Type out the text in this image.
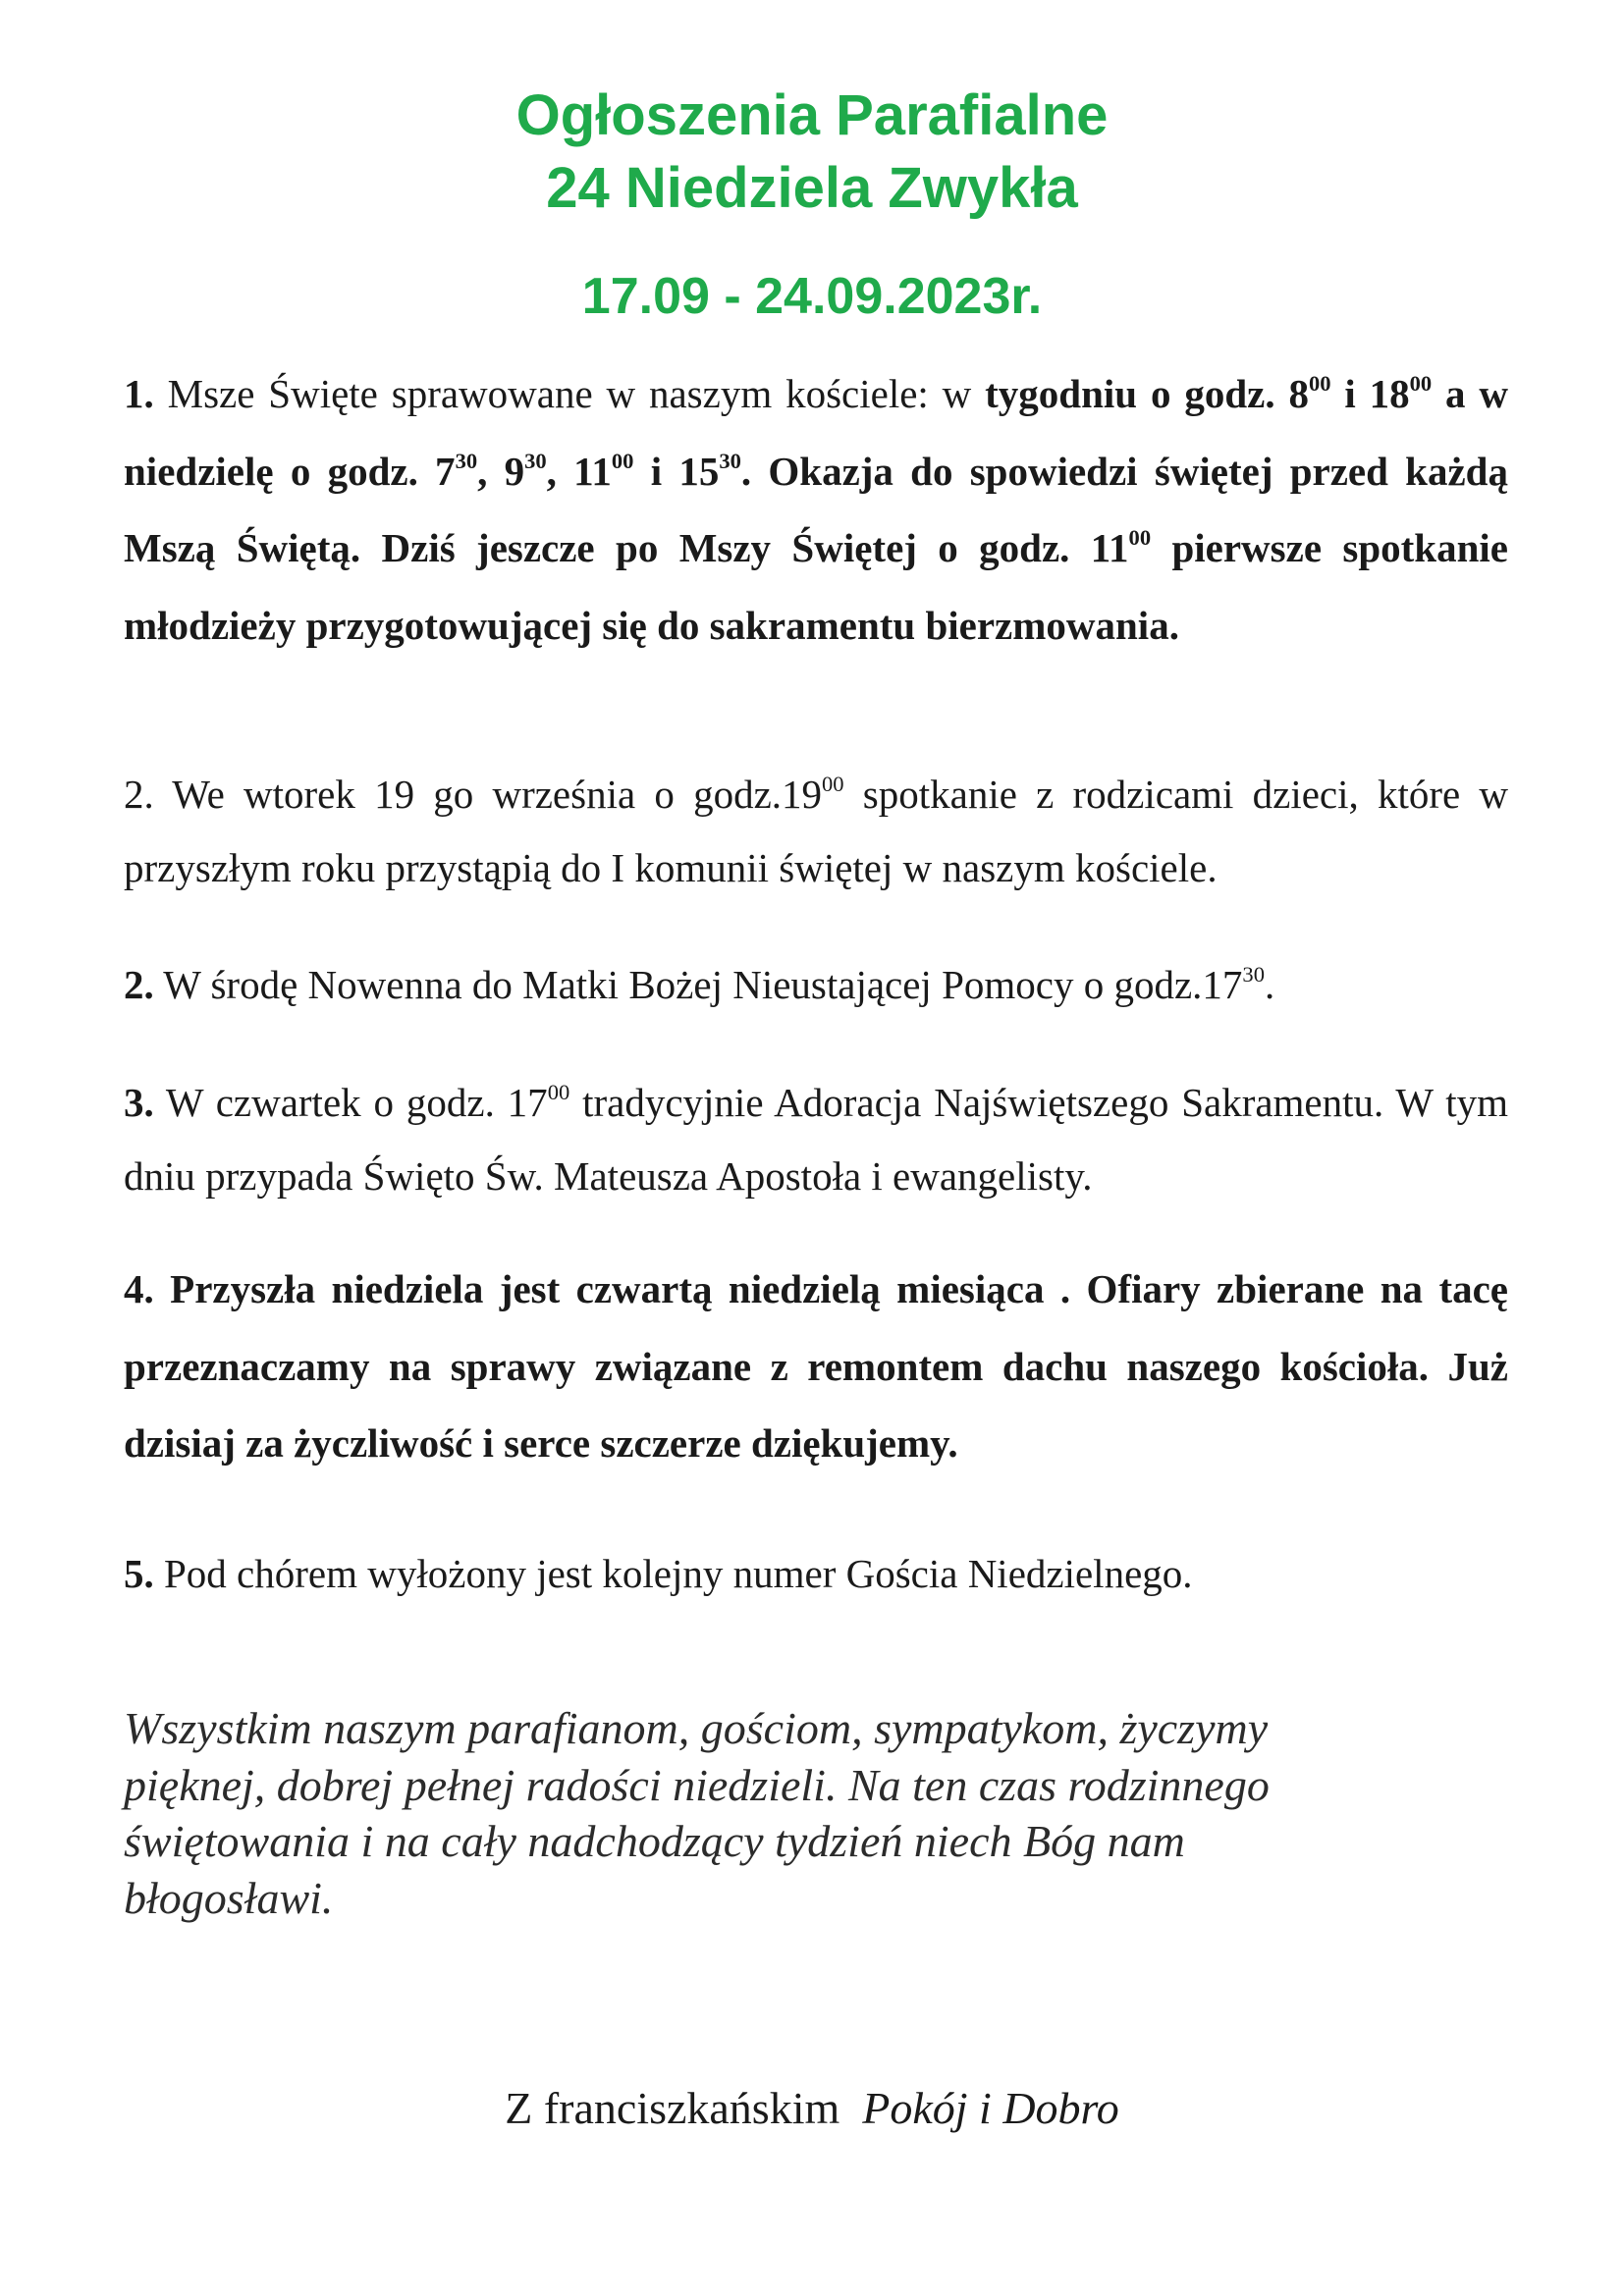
Ogłoszenia Parafialne
24 Niedziela Zwykła
17.09 - 24.09.2023r.
1. Msze Święte sprawowane w naszym kościele: w tygodniu o godz. $8^{00}$ i $18^{00}$ a w niedzielę o godz. $7^{30}$, $9^{30}$, $11^{00}$ i $15^{30}$. Okazja do spowiedzi świętej przed każdą Mszą Świętą. Dziś jeszcze po Mszy Świętej o godz. $11^{00}$ pierwsze spotkanie młodzieży przygotowującej się do sakramentu bierzmowania.
2. We wtorek 19 go września o $godz.19^{00}$ spotkanie z rodzicami dzieci, które w przyszłym roku przystąpią do I komunii świętej w naszym kościele.
2. W środę Nowenna do Matki Bożej Nieustającej Pomocy o $godz.17^{30}$.
3. W czwartek o godz. $17^{00}$ tradycyjnie Adoracja Najświętszego Sakramentu. W tym dniu przypada Święto Św. Mateusza Apostoła i ewangelisty.
4. Przyszła niedziela jest czwartą niedzielą miesiąca . Ofiary zbierane na tacę przeznaczamy na sprawy związane z remontem dachu naszego kościoła. Już dzisiaj za życzliwość i serce szczerze dziękujemy.
5. Pod chórem wyłożony jest kolejny numer Gościa Niedzielnego.
Wszystkim naszym parafianom, gościom, sympatykom, życzymy
pięknej, dobrej pełnej radości niedzieli. Na ten czas rodzinnego
świętowania i na cały nadchodzący tydzień niech Bóg nam
błogosławi.
Z franciszkańskim  Pokój i Dobro
